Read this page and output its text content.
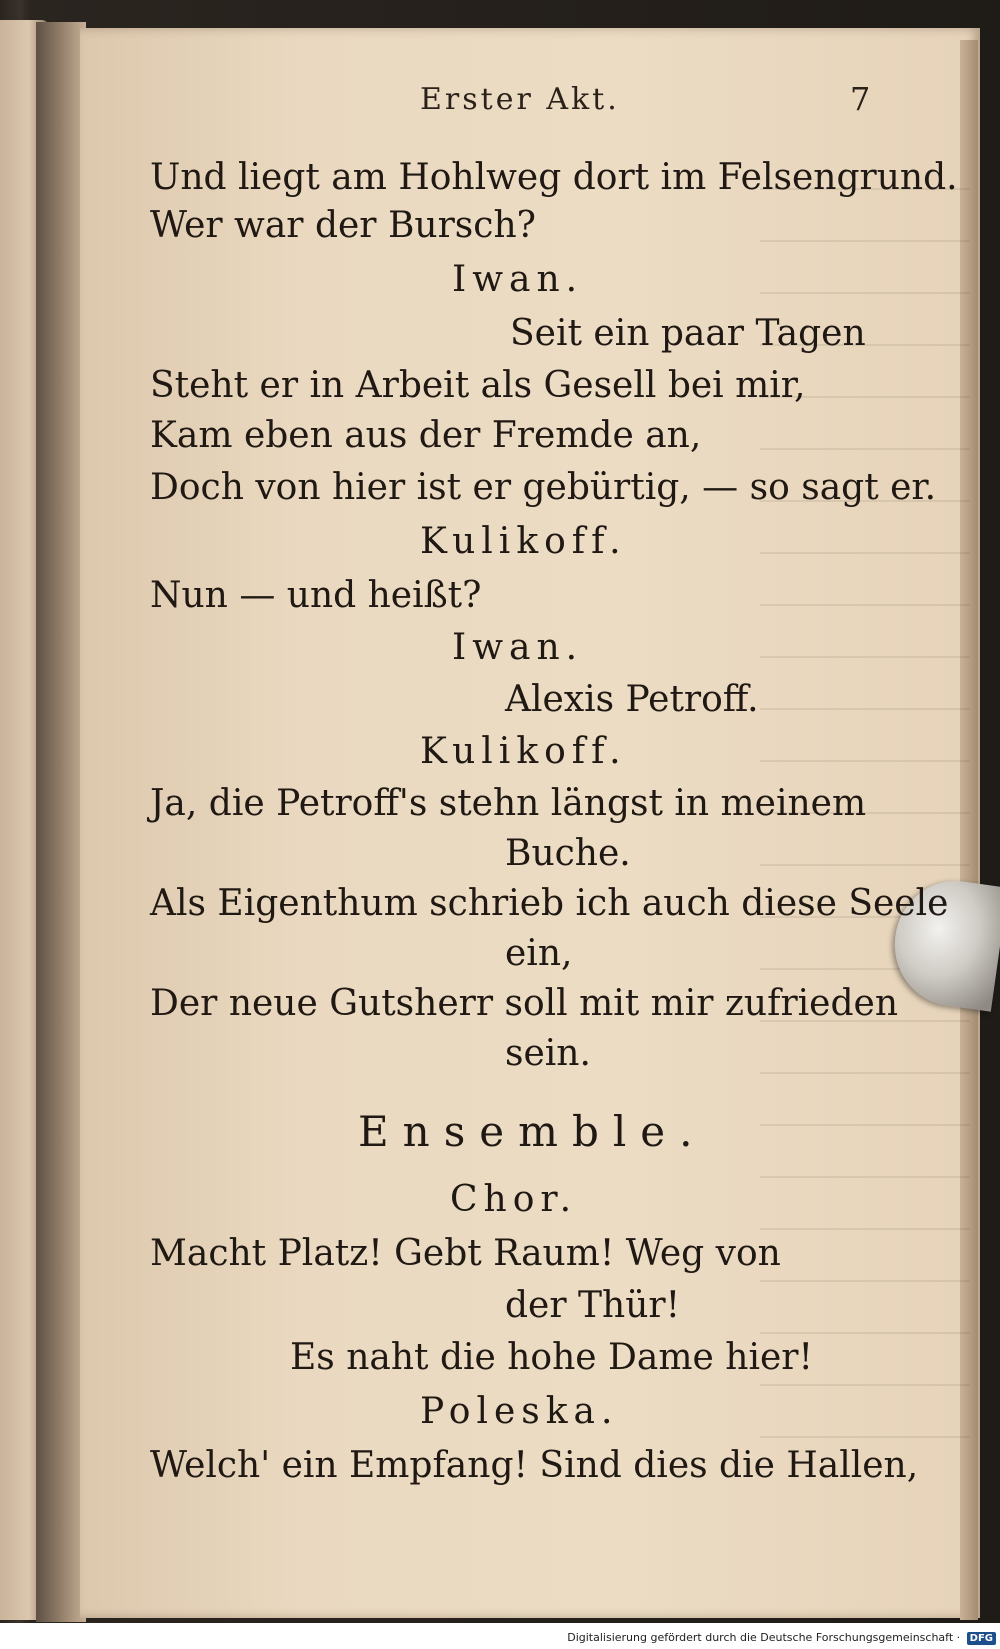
Erster Akt.	7
Und liegt am Hohlweg dort im Felsengrund.
Wer war der Bursch?
Iwan.
Seit ein paar Tagen
Steht er in Arbeit als Gesell bei mir,
Kam eben aus der Fremde an,
Doch von hier ist er gebürtig, — so sagt er.
Kulikoff.
Nun — und heißt?
Iwan.
Alexis Petroff.
Kulikoff.
Ja, die Petroff's stehn längst in meinem
Buche.
Als Eigenthum schrieb ich auch diese Seele
ein,
Der neue Gutsherr soll mit mir zufrieden
sein.
Ensemble.
Chor.
Macht Platz! Gebt Raum! Weg von
der Thür!
Es naht die hohe Dame hier!
Poleska.
Welch' ein Empfang! Sind dies die Hallen,
Digitalisierung gefördert durch die Deutsche Forschungsgemeinschaft · DFG
